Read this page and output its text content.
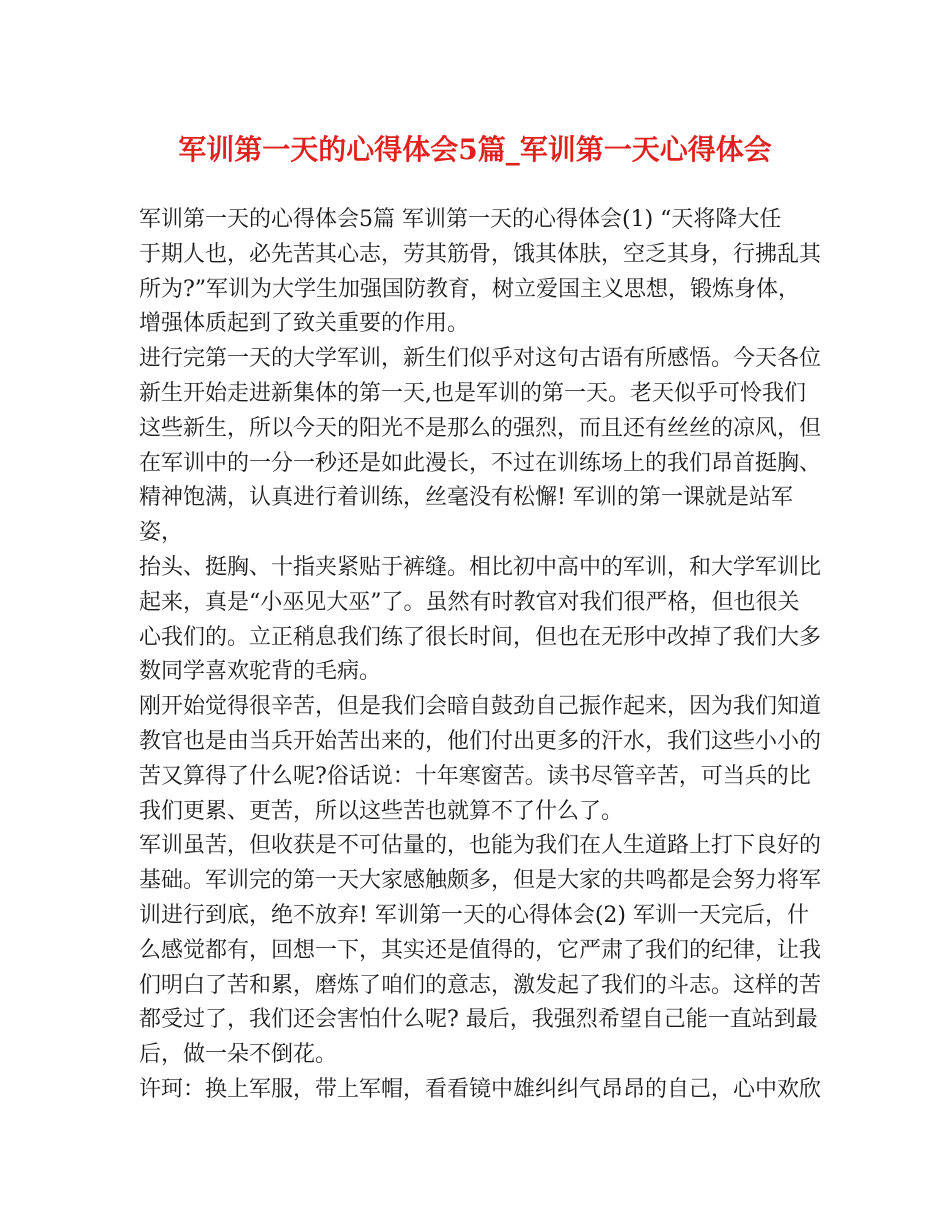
军训第一天的心得体会5篇_军训第一天心得体会

军训第一天的心得体会5篇 军训第一天的心得体会(1) “天将降大任
于期人也，必先苦其心志，劳其筋骨，饿其体肤，空乏其身，行拂乱其
所为?”军训为大学生加强国防教育，树立爱国主义思想，锻炼身体，
增强体质起到了致关重要的作用。

进行完第一天的大学军训，新生们似乎对这句古语有所感悟。今天各位
新生开始走进新集体的第一天,也是军训的第一天。老天似乎可怜我们
这些新生，所以今天的阳光不是那么的强烈，而且还有丝丝的凉风，但
在军训中的一分一秒还是如此漫长，不过在训练场上的我们昂首挺胸、
精神饱满，认真进行着训练，丝毫没有松懈! 军训的第一课就是站军姿，
抬头、挺胸、十指夹紧贴于裤缝。相比初中高中的军训，和大学军训比
起来，真是“小巫见大巫”了。虽然有时教官对我们很严格，但也很关
心我们的。立正稍息我们练了很长时间，但也在无形中改掉了我们大多
数同学喜欢驼背的毛病。

刚开始觉得很辛苦，但是我们会暗自鼓劲自己振作起来，因为我们知道
教官也是由当兵开始苦出来的，他们付出更多的汗水，我们这些小小的
苦又算得了什么呢?俗话说：十年寒窗苦。读书尽管辛苦，可当兵的比
我们更累、更苦，所以这些苦也就算不了什么了。

军训虽苦，但收获是不可估量的，也能为我们在人生道路上打下良好的
基础。军训完的第一天大家感触颇多，但是大家的共鸣都是会努力将军
训进行到底，绝不放弃! 军训第一天的心得体会(2) 军训一天完后，什
么感觉都有，回想一下，其实还是值得的，它严肃了我们的纪律，让我
们明白了苦和累，磨炼了咱们的意志，激发起了我们的斗志。这样的苦
都受过了，我们还会害怕什么呢? 最后，我强烈希望自己能一直站到最
后，做一朵不倒花。

许珂：换上军服，带上军帽，看看镜中雄纠纠气昂昂的自己，心中欢欣
